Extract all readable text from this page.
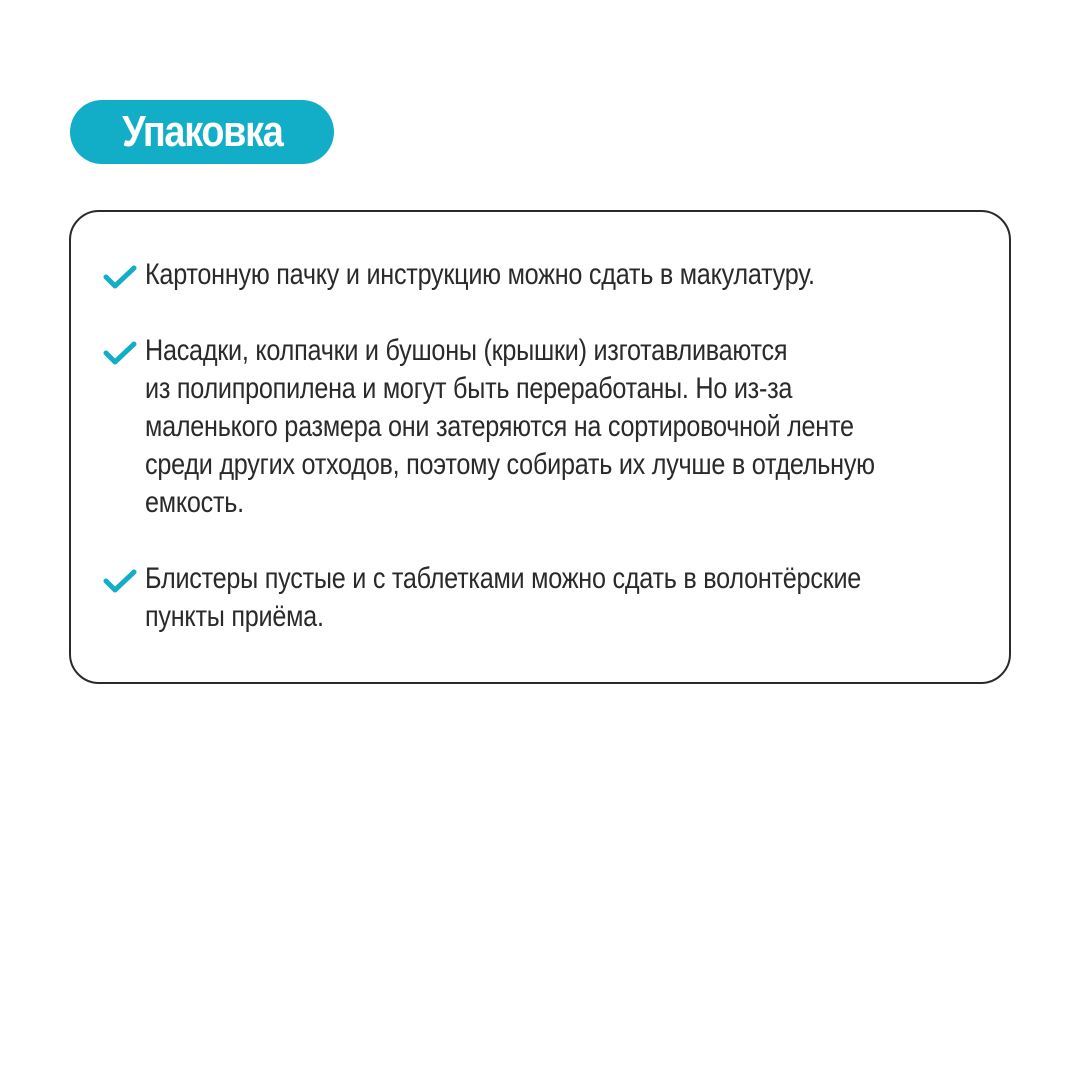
Упаковка

Картонную пачку и инструкцию можно сдать в макулатуру.

Насадки, колпачки и бушоны (крышки) изготавливаются
из полипропилена и могут быть переработаны. Но из-за
маленького размера они затеряются на сортировочной ленте
среди других отходов, поэтому собирать их лучше в отдельную
емкость.

Блистеры пустые и с таблетками можно сдать в волонтёрские
пункты приёма.
